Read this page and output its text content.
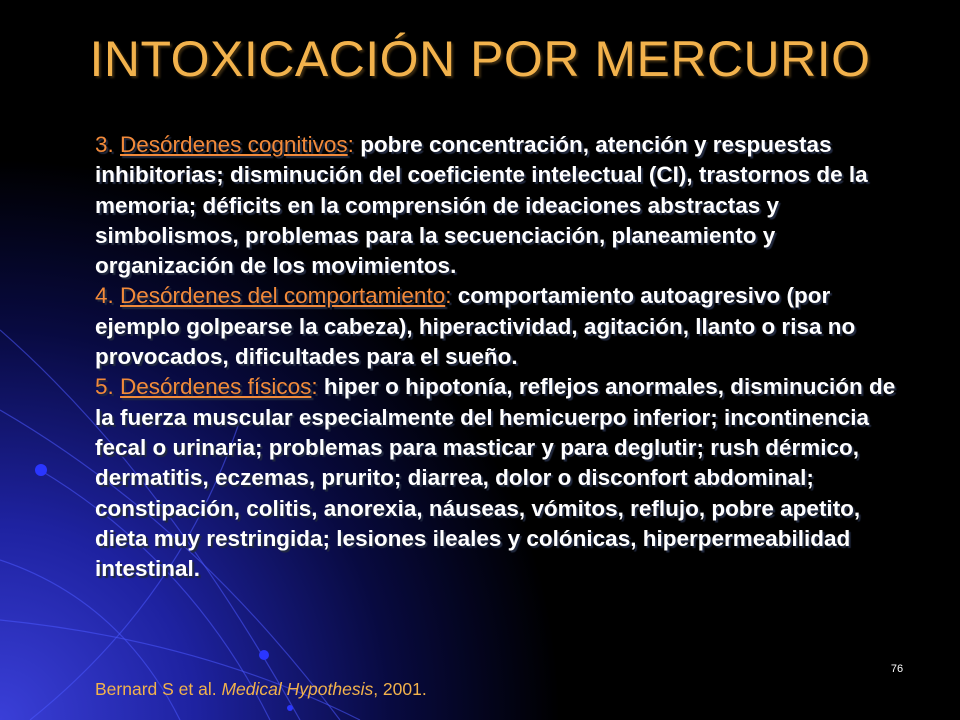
INTOXICACIÓN POR MERCURIO
3. Desórdenes cognitivos: pobre concentración, atención y respuestas inhibitorias; disminución del coeficiente intelectual (CI), trastornos de la memoria; déficits en la comprensión de ideaciones abstractas y simbolismos, problemas para la secuenciación, planeamiento y organización de los movimientos.
4. Desórdenes del comportamiento: comportamiento autoagresivo (por ejemplo golpearse la cabeza), hiperactividad, agitación, llanto o risa no provocados, dificultades para el sueño.
5. Desórdenes físicos: hiper o hipotonía, reflejos anormales, disminución de la fuerza muscular especialmente del hemicuerpo inferior; incontinencia fecal o urinaria; problemas para masticar y para deglutir; rush dérmico, dermatitis, eczemas, prurito; diarrea, dolor o disconfort abdominal; constipación, colitis, anorexia, náuseas, vómitos, reflujo, pobre apetito, dieta muy restringida; lesiones ileales y colónicas, hiperpermeabilidad intestinal.
76
Bernard S et al. Medical Hypothesis, 2001.
